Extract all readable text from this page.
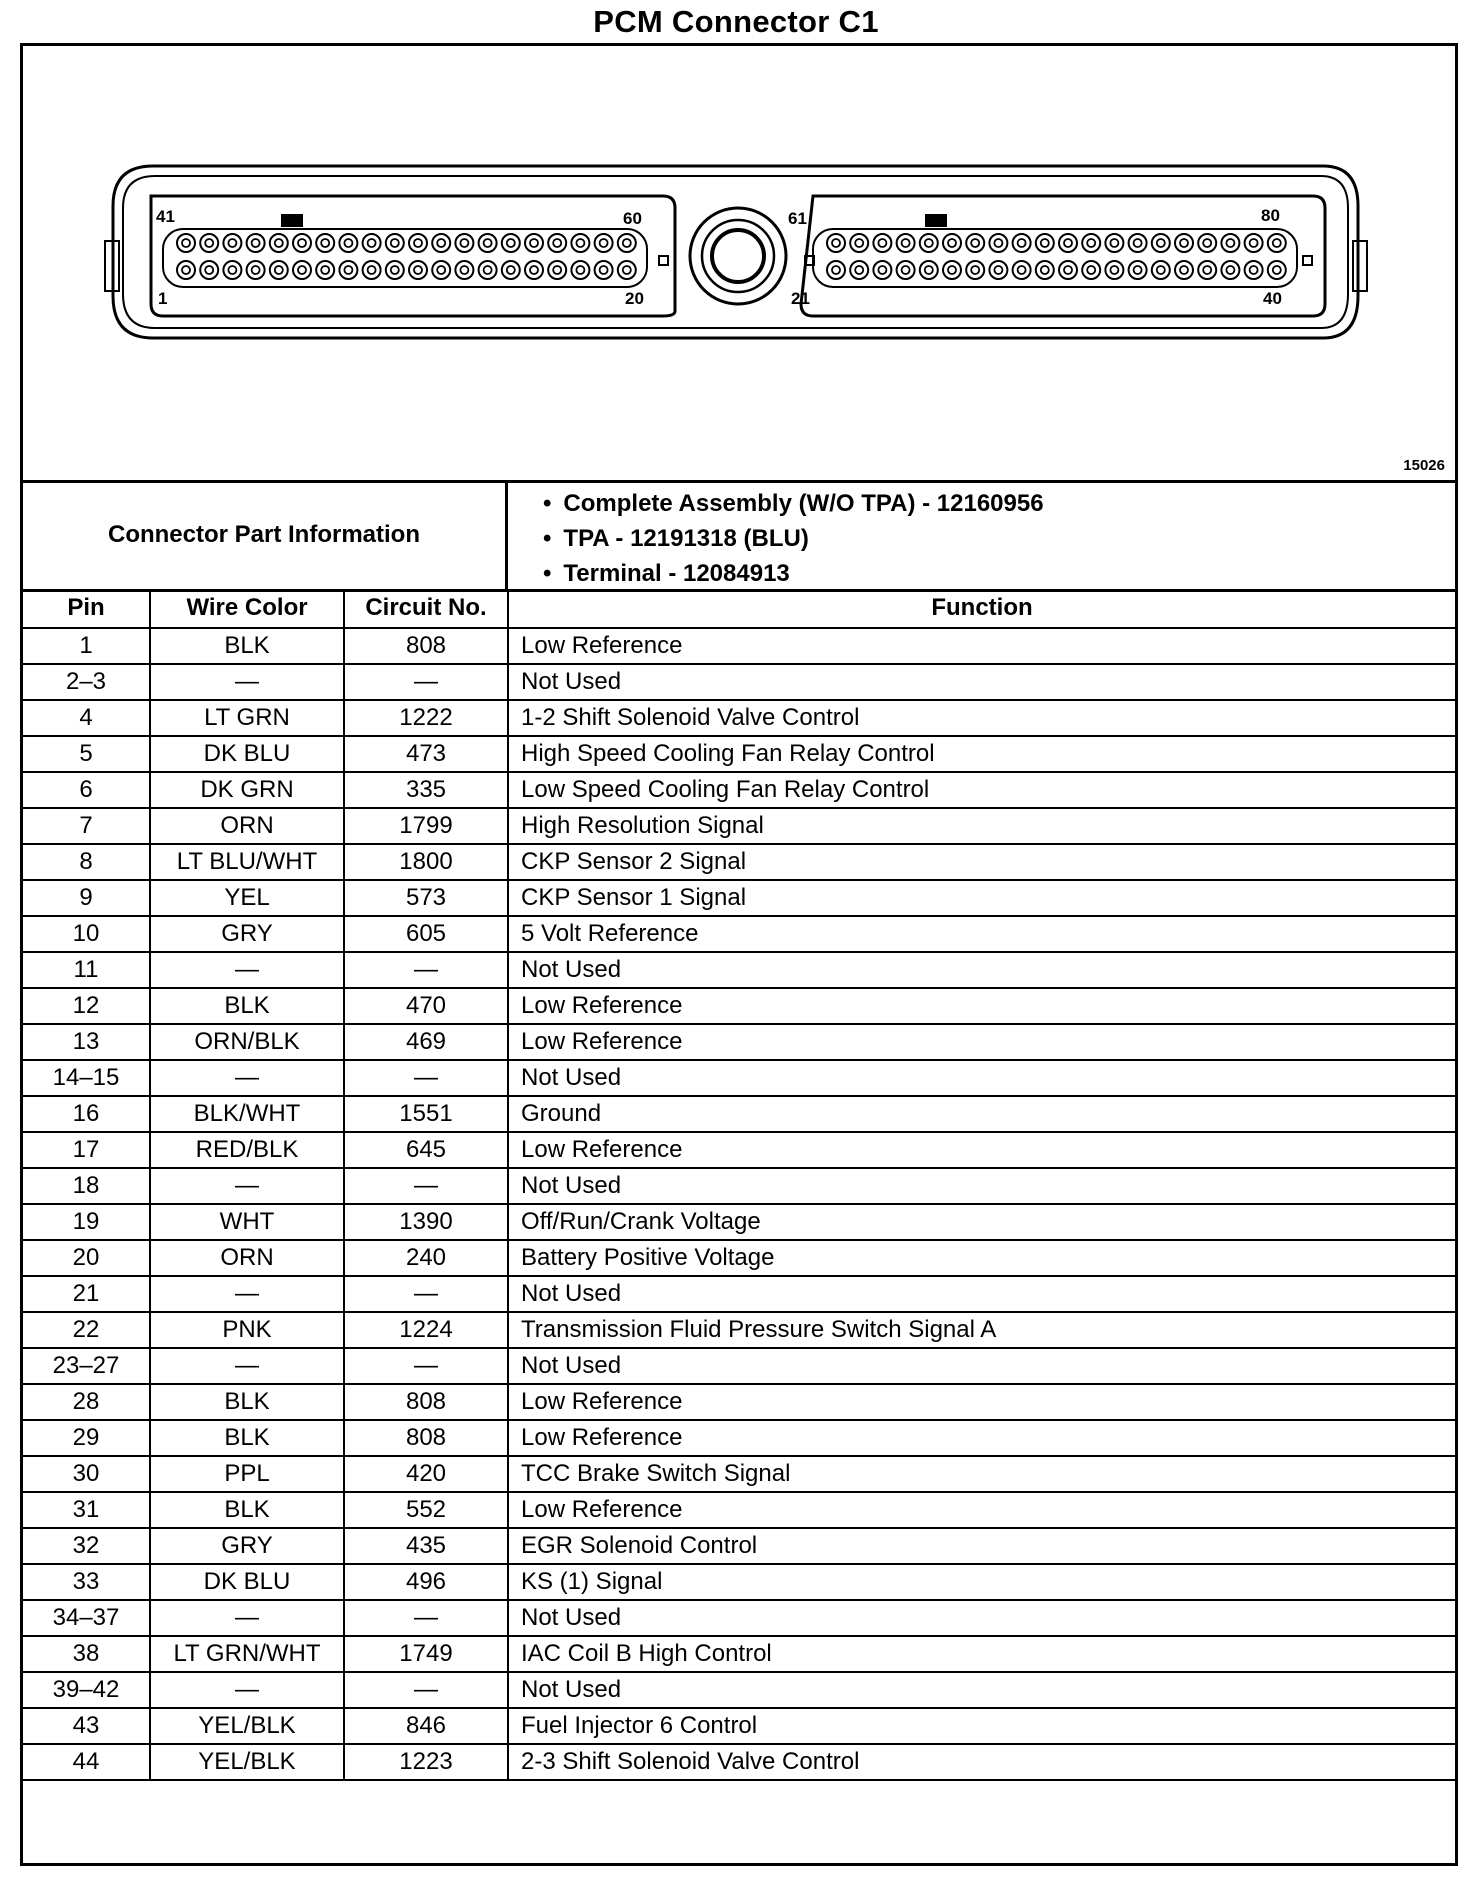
PCM Connector C1
41	60
1	20
61	80
21	40
15026
Connector Part Information
• Complete Assembly (W/O TPA) - 12160956
• TPA - 12191318 (BLU)
• Terminal - 12084913
Pin	Wire Color	Circuit No.	Function
1	BLK	808	Low Reference
2–3	—	—	Not Used
4	LT GRN	1222	1-2 Shift Solenoid Valve Control
5	DK BLU	473	High Speed Cooling Fan Relay Control
6	DK GRN	335	Low Speed Cooling Fan Relay Control
7	ORN	1799	High Resolution Signal
8	LT BLU/WHT	1800	CKP Sensor 2 Signal
9	YEL	573	CKP Sensor 1 Signal
10	GRY	605	5 Volt Reference
11	—	—	Not Used
12	BLK	470	Low Reference
13	ORN/BLK	469	Low Reference
14–15	—	—	Not Used
16	BLK/WHT	1551	Ground
17	RED/BLK	645	Low Reference
18	—	—	Not Used
19	WHT	1390	Off/Run/Crank Voltage
20	ORN	240	Battery Positive Voltage
21	—	—	Not Used
22	PNK	1224	Transmission Fluid Pressure Switch Signal A
23–27	—	—	Not Used
28	BLK	808	Low Reference
29	BLK	808	Low Reference
30	PPL	420	TCC Brake Switch Signal
31	BLK	552	Low Reference
32	GRY	435	EGR Solenoid Control
33	DK BLU	496	KS (1) Signal
34–37	—	—	Not Used
38	LT GRN/WHT	1749	IAC Coil B High Control
39–42	—	—	Not Used
43	YEL/BLK	846	Fuel Injector 6 Control
44	YEL/BLK	1223	2-3 Shift Solenoid Valve Control
